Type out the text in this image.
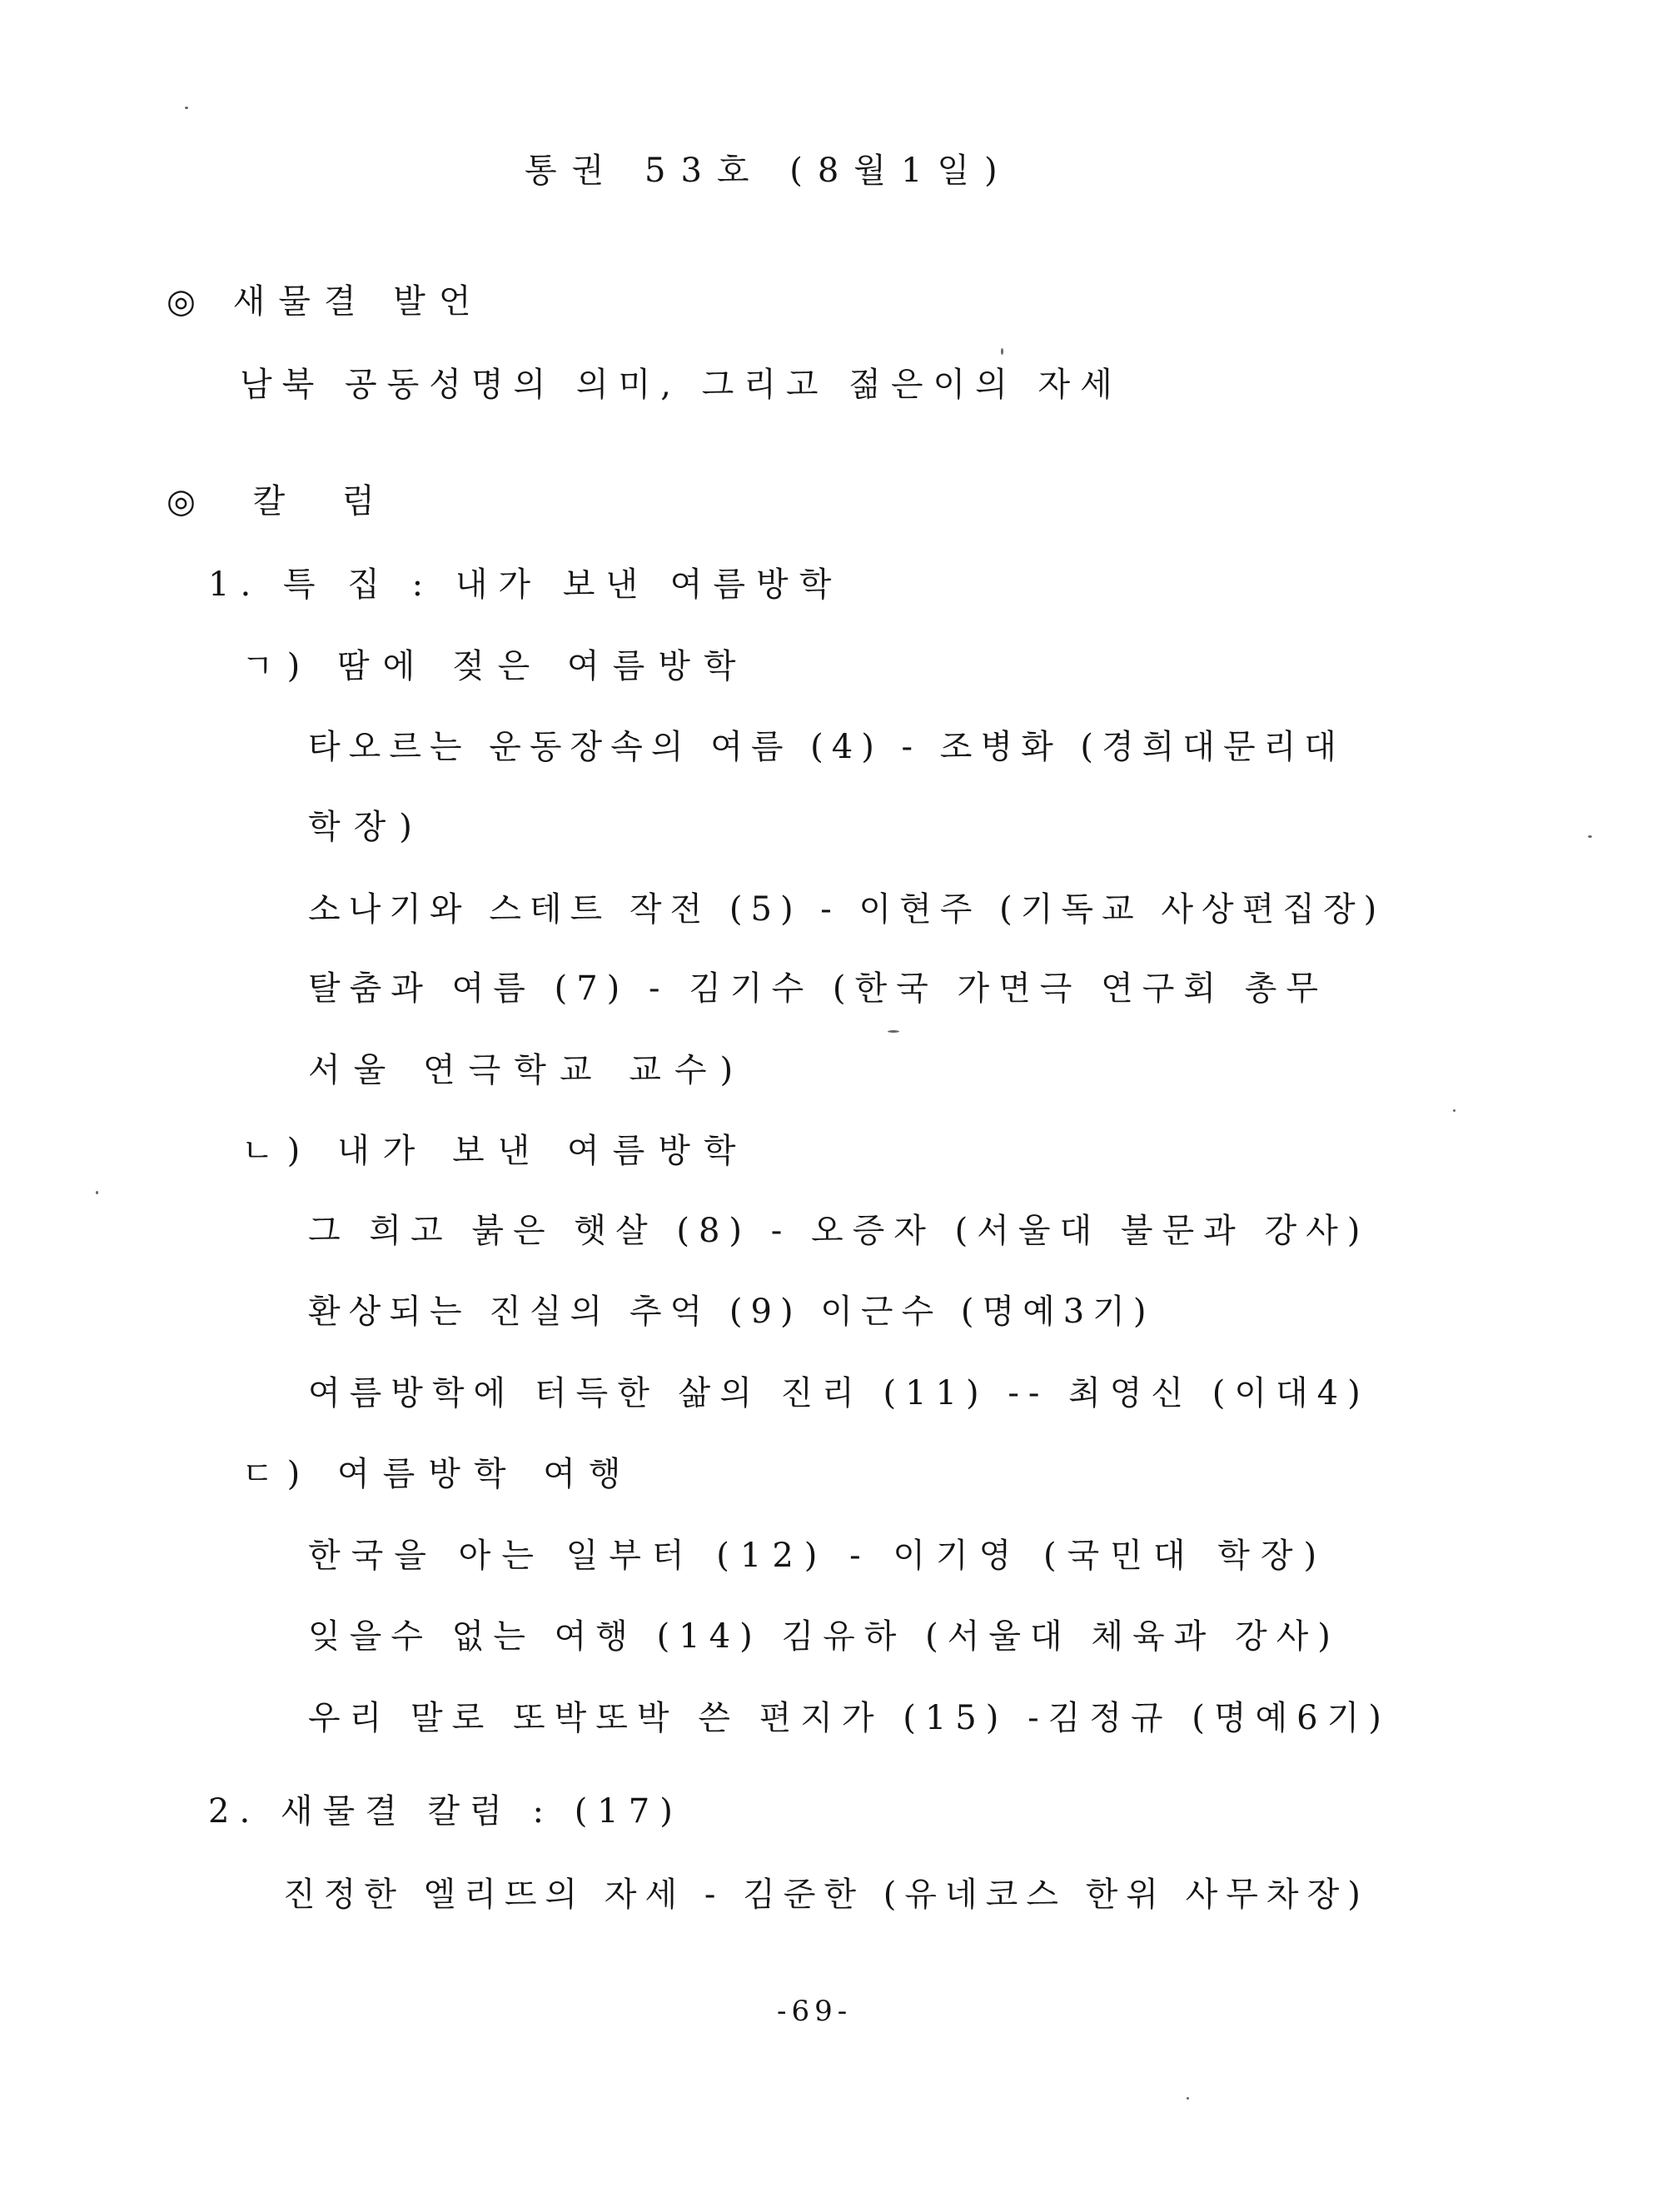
통권 53호 (8월1일)
◎ 새물결 발언
남북 공동성명의 의미, 그리고 젊은이의 자세
◎ 칼 럼
1. 특 집 : 내가 보낸 여름방학
ㄱ) 땀에 젖은 여름방학
타오르는 운동장속의 여름 (4) - 조병화 (경희대문리대
학장)
소나기와 스테트 작전 (5) - 이현주 (기독교 사상편집장)
탈춤과 여름 (7) - 김기수 (한국 가면극 연구회 총무
서울 연극학교 교수)
ㄴ) 내가 보낸 여름방학
그 희고 붉은 햇살 (8) - 오증자 (서울대 불문과 강사)
환상되는 진실의 추억 (9) 이근수 (명예3기)
여름방학에 터득한 삶의 진리 (11) -- 최영신 (이대4)
ㄷ) 여름방학 여행
한국을 아는 일부터 (12) - 이기영 (국민대 학장)
잊을수 없는 여행 (14) 김유하 (서울대 체육과 강사)
우리 말로 또박또박 쓴 편지가 (15) -김정규 (명예6기)
2. 새물결 칼럼 : (17)
진정한 엘리뜨의 자세 - 김준한 (유네코스 한위 사무차장)
-69-
